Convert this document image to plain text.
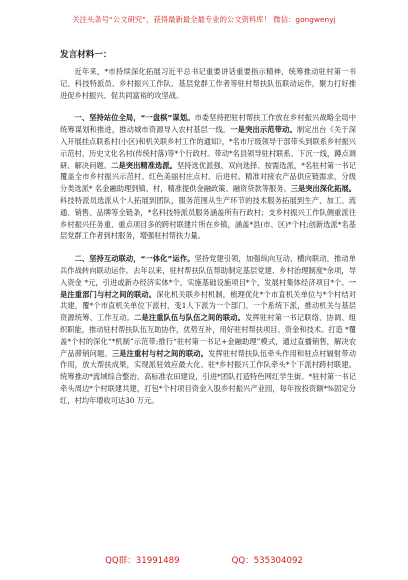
关注头条号“公文研究”，获得最新最全最专业的公文资料库！ 微信：gongwenyj

发言材料一：

近年来，*市持续深化拓展习近平总书记重要讲话重要指示精神，统筹推动驻村第一书记、科技特派员、乡村振兴工作队、基层党群工作者等驻村帮扶队伍联动运作，聚力打好推进促乡村振兴、促共同富裕的攻坚战。

一、坚持站位全局，“一盘棋”谋划。市委坚持把驻村帮扶工作放在乡村振兴战略全局中统筹谋划和推进，推动城市资源导入农村基层一线。一是突出示范带动。制定出台《关于深入开展挂点联系村(小区)和机关联乡村工作的通知》，*名市厅级领导干部带头到联系乡村振兴示范村、历史文化名村(传统村落)等*个行政村。带动*名县领导驻村联系、下沉一线，蹲点调研、解决问题。二是突出精准选派。坚持选优派强、双向选择、按需选派，*名驻村第一书记覆盖全市乡村振兴示范村、红色美丽村庄点村、后进村。精准对接农产品供应链需求，分级分类选派* 名金融助理到镇、村，精准提供金融政策、融资贷款等服务。三是突出深化拓展。科技特派员选派从个人拓展到团队，服务范围从生产环节的技术服务拓展到生产、加工、流通、销售、品牌等全链条，*名科技特派员服务涵盖所有行政村；支乡村振兴工作队侧重派往乡村振兴任务重、重点项目多的跨村联建片所在乡镇，涵盖*县(市、区)*个村;创新选派*名基层党群工作者到村服务，增强驻村帮扶力量。

二、坚持互动联动，“一体化”运作。坚持党建引领，加强纵向互动、横向联动，推动单兵作战转向联动运作。去年以来，驻村帮扶队伍帮助制定基层党建、乡村治理制度*余项，导入资金 *元，引进或新办经济实体*个，实施基础设施项目*个，发展村集体经济项目*个。一是注重部门与村之间的联动。深化机关联乡村机制，梳理优化*个市直机关单位与*个村结对共建，覆*个市直机关单位下派村，变1人下派为一个部门、一个系统下派，推动机关与基层资源统筹、工作互动。二是注重队伍与队伍之间的联动。发挥驻村第一书记联络、协调、组织职能，推动驻村帮扶队伍互助协作，优势互补，用好驻村帮扶项目、资金和技术。打造 *覆盖*个村的深化“*机制”示范带;推行“驻村第一书记+金融助理”模式，通过直播销售，解决农产品滞销问题。三是注重村与村之间的联动。发挥驻村帮扶队伍牵头作用和驻点村辐射带动作用，放大帮扶成果，实现派驻效应最大化。驻*乡村振兴工作队牵头*个下派村跨村联建。统筹推动*流域综合整治、高标准农田建设，引进*团队打造特色网红学生街。*驻村第一书记牵头周边*个村联建共建，打包*个村项目资金入股乡村振兴产业园，每年按投资额*%固定分红，村均年增收可达30 万元。

QQ群：31991489	QQ：535304092
